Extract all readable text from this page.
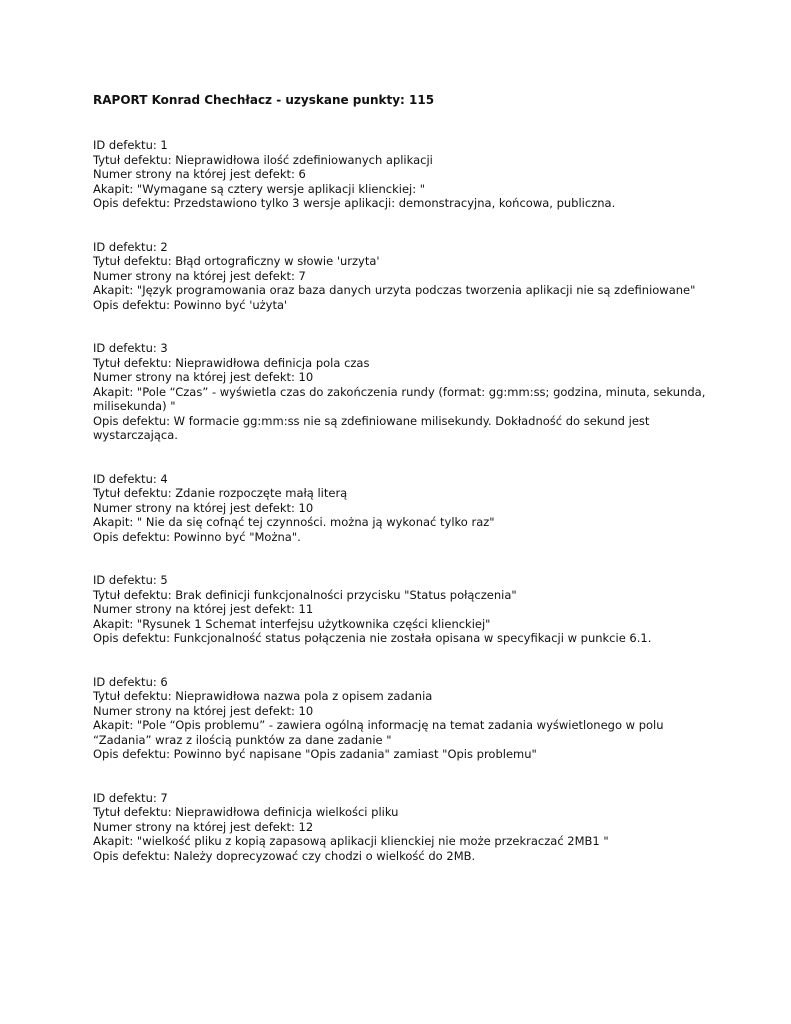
RAPORT Konrad Chechłacz - uzyskane punkty: 115
ID defektu: 1
Tytuł defektu: Nieprawidłowa ilość zdefiniowanych aplikacji
Numer strony na której jest defekt: 6
Akapit: "Wymagane są cztery wersje aplikacji klienckiej: "
Opis defektu: Przedstawiono tylko 3 wersje aplikacji: demonstracyjna, końcowa, publiczna.
ID defektu: 2
Tytuł defektu: Błąd ortograficzny w słowie 'urzyta'
Numer strony na której jest defekt: 7
Akapit: "Język programowania oraz baza danych urzyta podczas tworzenia aplikacji nie są zdefiniowane"
Opis defektu: Powinno być 'użyta'
ID defektu: 3
Tytuł defektu: Nieprawidłowa definicja pola czas
Numer strony na której jest defekt: 10
Akapit: "Pole “Czas” - wyświetla czas do zakończenia rundy (format: gg:mm:ss; godzina, minuta, sekunda, milisekunda) "
Opis defektu: W formacie gg:mm:ss nie są zdefiniowane milisekundy. Dokładność do sekund jest wystarczająca.
ID defektu: 4
Tytuł defektu: Zdanie rozpoczęte małą literą
Numer strony na której jest defekt: 10
Akapit: " Nie da się cofnąć tej czynności. można ją wykonać tylko raz"
Opis defektu: Powinno być "Można".
ID defektu: 5
Tytuł defektu: Brak definicji funkcjonalności przycisku "Status połączenia"
Numer strony na której jest defekt: 11
Akapit: "Rysunek 1 Schemat interfejsu użytkownika części klienckiej"
Opis defektu: Funkcjonalność status połączenia nie została opisana w specyfikacji w punkcie 6.1.
ID defektu: 6
Tytuł defektu: Nieprawidłowa nazwa pola z opisem zadania
Numer strony na której jest defekt: 10
Akapit: "Pole “Opis problemu” - zawiera ogólną informację na temat zadania wyświetlonego w polu “Zadania” wraz z ilością punktów za dane zadanie "
Opis defektu: Powinno być napisane "Opis zadania" zamiast "Opis problemu"
ID defektu: 7
Tytuł defektu: Nieprawidłowa definicja wielkości pliku
Numer strony na której jest defekt: 12
Akapit: "wielkość pliku z kopią zapasową aplikacji klienckiej nie może przekraczać 2MB1 "
Opis defektu: Należy doprecyzować czy chodzi o wielkość do 2MB.
